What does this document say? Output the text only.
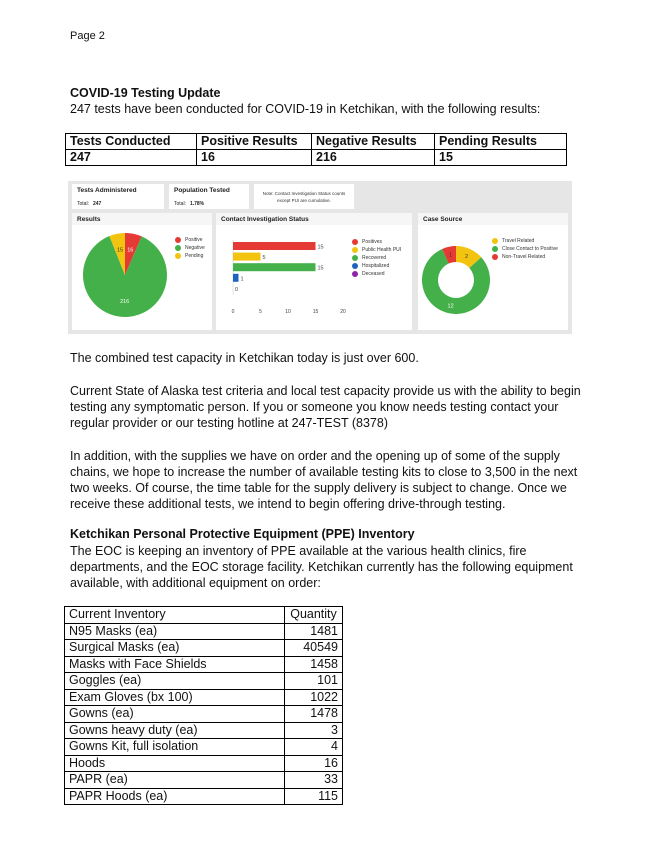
Page 2
COVID-19 Testing Update
247 tests have been conducted for COVID-19 in Ketchikan, with the following results:
Tests Conducted	Positive Results	Negative Results	Pending Results
247	16	216	15
Tests Administered
Total: 247
Population Tested
Total: 1.78%
Note: Contact Investigation Status counts except PUI are cumulative.
Results
16
216
15
Positive
Negative
Pending
Contact Investigation Status
15
5
15
1
0
0	5	10	15	20
Positives
Public Health PUI
Recovered
Hospitalized
Deceased
Case Source
2
12
1
Travel Related
Close Contact to Positive
Non-Travel Related
The combined test capacity in Ketchikan today is just over 600.
Current State of Alaska test criteria and local test capacity provide us with the ability to begin testing any symptomatic person. If you or someone you know needs testing contact your regular provider or our testing hotline at 247-TEST (8378)
In addition, with the supplies we have on order and the opening up of some of the supply chains, we hope to increase the number of available testing kits to close to 3,500 in the next two weeks. Of course, the time table for the supply delivery is subject to change. Once we receive these additional tests, we intend to begin offering drive-through testing.
Ketchikan Personal Protective Equipment (PPE) Inventory
The EOC is keeping an inventory of PPE available at the various health clinics, fire departments, and the EOC storage facility. Ketchikan currently has the following equipment available, with additional equipment on order:
Current Inventory	Quantity
N95 Masks (ea)	1481
Surgical Masks (ea)	40549
Masks with Face Shields	1458
Goggles (ea)	101
Exam Gloves (bx 100)	1022
Gowns (ea)	1478
Gowns heavy duty (ea)	3
Gowns Kit, full isolation	4
Hoods	16
PAPR (ea)	33
PAPR Hoods (ea)	115
